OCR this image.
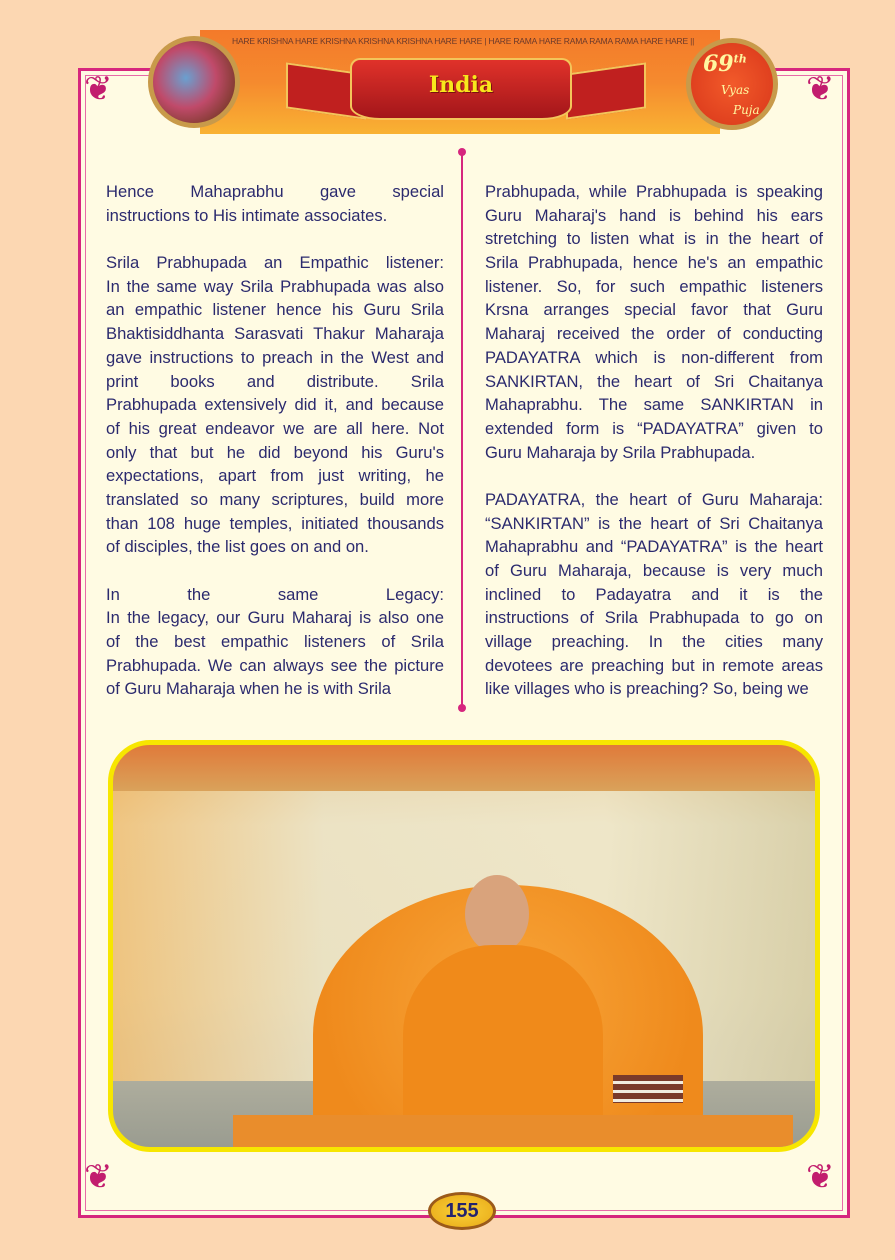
❦	❦
❦	❦
HARE KRISHNA HARE KRISHNA KRISHNA KRISHNA HARE HARE | HARE RAMA HARE RAMA RAMA RAMA HARE HARE ||
India
69th
Vyas
Puja
Hence Mahaprabhu gave special
instructions to His intimate associates.
Srila Prabhupada an Empathic listener:
In the same way Srila Prabhupada was also
an empathic listener hence his Guru Srila
Bhaktisiddhanta Sarasvati Thakur Maharaja
gave instructions to preach in the West and
print books and distribute. Srila
Prabhupada extensively did it, and because
of his great endeavor we are all here. Not
only that but he did beyond his Guru's
expectations, apart from just writing, he
translated so many scriptures, build more
than 108 huge temples, initiated thousands
of disciples, the list goes on and on.
In the same Legacy:
In the legacy, our Guru Maharaj is also one
of the best empathic listeners of Srila
Prabhupada. We can always see the picture
of Guru Maharaja when he is with Srila
Prabhupada, while Prabhupada is speaking
Guru Maharaj's hand is behind his ears
stretching to listen what is in the heart of
Srila Prabhupada, hence he's an empathic
listener. So, for such empathic listeners
Krsna arranges special favor that Guru
Maharaj received the order of conducting
PADAYATRA which is non-different from
SANKIRTAN, the heart of Sri Chaitanya
Mahaprabhu. The same SANKIRTAN in
extended form is “PADAYATRA” given to
Guru Maharaja by Srila Prabhupada.
PADAYATRA, the heart of Guru Maharaja:
“SANKIRTAN” is the heart of Sri Chaitanya
Mahaprabhu and “PADAYATRA” is the heart
of Guru Maharaja, because is very much
inclined to Padayatra and it is the
instructions of Srila Prabhupada to go on
village preaching. In the cities many
devotees are preaching but in remote areas
like villages who is preaching? So, being we
155
